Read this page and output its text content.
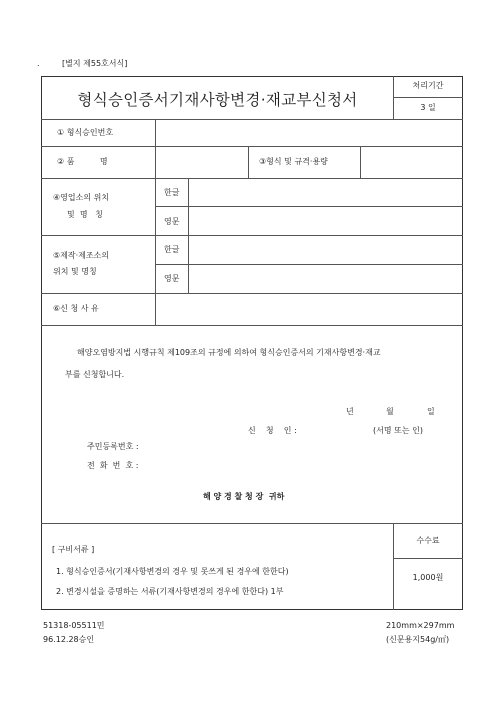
.	[별지 제55호서식]
형식승인증서기재사항변경·재교부신청서
처리기간
3 일
① 형식승인번호
② 품          명	③형식 및 규격·용량
④영업소의 위치
및  명   칭
한글
영문
⑤제작·제조소의
위치 및 명칭
한글
영문
⑥신 청 사 유
해양오염방지법 시행규칙 제109조의 규정에 의하여 형식승인증서의 기재사항변경·재교
부를 신청합니다.
년	월	일
신    청    인 :	(서명 또는 인)
주민등록번호 :
전  화  번  호 :
해 양 경 찰 청 장  귀하
[ 구비서류 ]
1. 형식승인증서(기재사항변경의 경우 및 못쓰게 된 경우에 한한다)
2. 변경시설을 증명하는 서류(기재사항변경의 경우에 한한다) 1부
수수료
1,000원
51318-05511민
96.12.28승인
210mm×297mm
(신문용지54g/㎡)
